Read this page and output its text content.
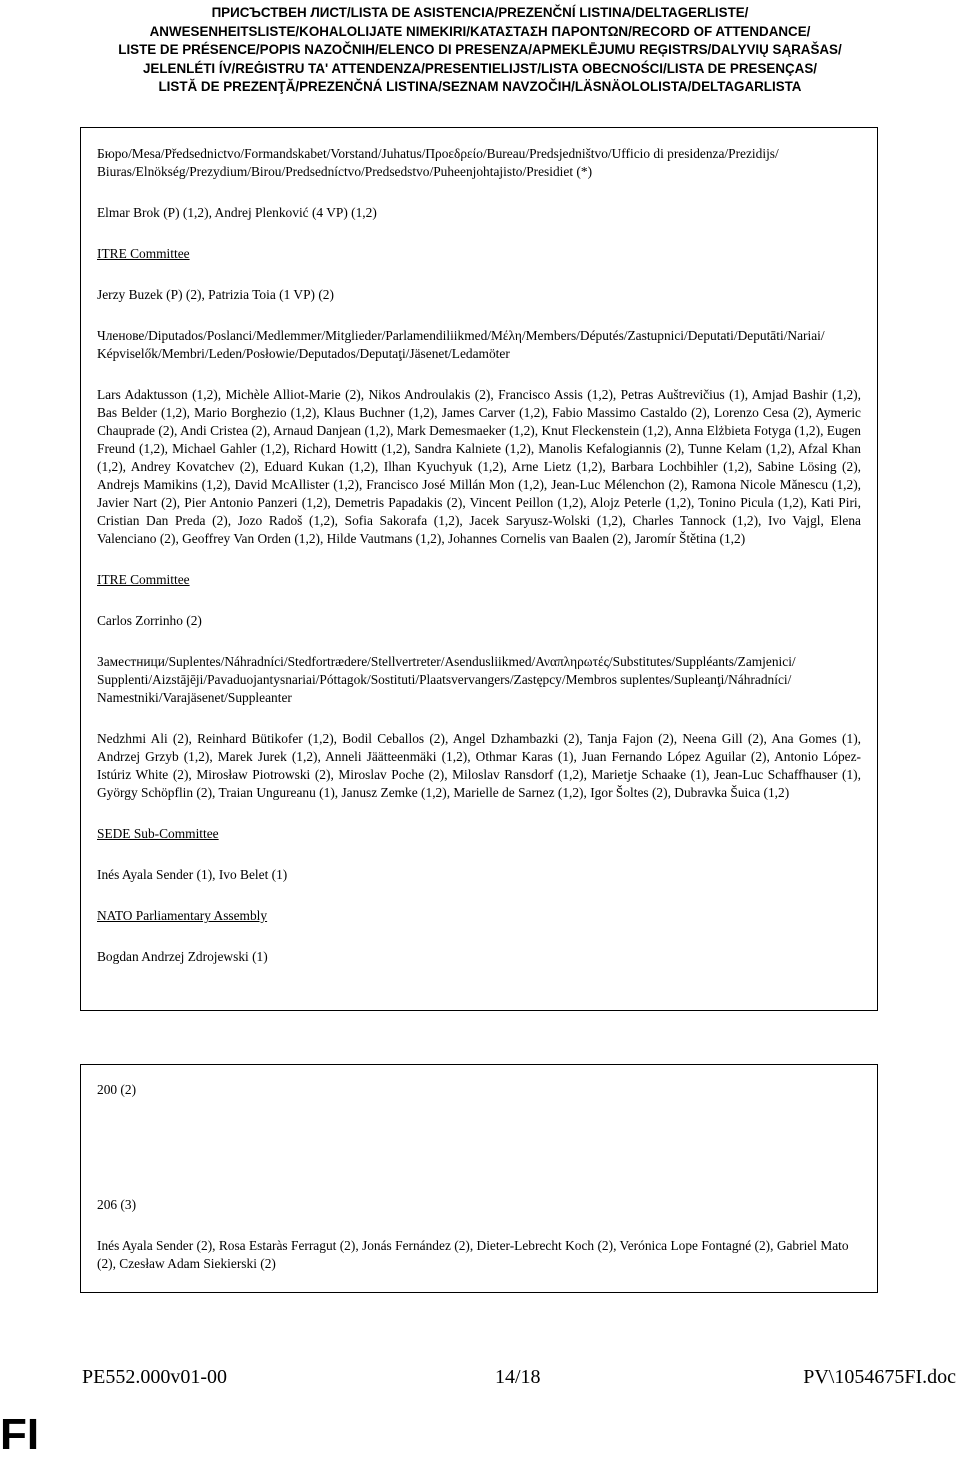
ПРИСЪСТВЕН ЛИСТ/LISTA DE ASISTENCIA/PREZENČNÍ LISTINA/DELTAGERLISTE/
ANWESENHEITSLISTE/KOHALOLIJATE NIMEKIRI/ΚΑΤΑΣΤΑΣΗ ΠΑΡΟΝΤΩΝ/RECORD OF ATTENDANCE/
LISTE DE PRÉSENCE/POPIS NAZOČNIH/ELENCO DI PRESENZA/APMEKLĒJUMU REĢISTRS/DALYVIŲ SĄRAŠAS/
JELENLÉTI ÍV/REĠISTRU TA' ATTENDENZA/PRESENTIELIJST/LISTA OBECNOŚCI/LISTA DE PRESENÇAS/
LISTĂ DE PREZENŢĂ/PREZENČNÁ LISTINA/SEZNAM NAVZOČIH/LÄSNÄOLOLISTA/DELTAGARLISTA

Бюро/Mesa/Předsednictvo/Formandskabet/Vorstand/Juhatus/Προεδρείο/Bureau/Predsjedništvo/Ufficio di presidenza/Prezidijs/
Biuras/Elnökség/Prezydium/Birou/Predsedníctvo/Predsedstvo/Puheenjohtajisto/Presidiet (*)

Elmar Brok (P) (1,2), Andrej Plenković (4 VP) (1,2)

ITRE Committee

Jerzy Buzek (P) (2), Patrizia Toia (1 VP) (2)

Членове/Diputados/Poslanci/Medlemmer/Mitglieder/Parlamendiliikmed/Μέλη/Members/Députés/Zastupnici/Deputati/Deputāti/Nariai/
Képviselők/Membri/Leden/Posłowie/Deputados/Deputaţi/Jäsenet/Ledamöter

Lars Adaktusson (1,2), Michèle Alliot-Marie (2), Nikos Androulakis (2), Francisco Assis (1,2), Petras Auštrevičius (1), Amjad Bashir (1,2), Bas Belder (1,2), Mario Borghezio (1,2), Klaus Buchner (1,2), James Carver (1,2), Fabio Massimo Castaldo (2), Lorenzo Cesa (2), Aymeric Chauprade (2), Andi Cristea (2), Arnaud Danjean (1,2), Mark Demesmaeker (1,2), Knut Fleckenstein (1,2), Anna Elżbieta Fotyga (1,2), Eugen Freund (1,2), Michael Gahler (1,2), Richard Howitt (1,2), Sandra Kalniete (1,2), Manolis Kefalogiannis (2), Tunne Kelam (1,2), Afzal Khan (1,2), Andrey Kovatchev (2), Eduard Kukan (1,2), Ilhan Kyuchyuk (1,2), Arne Lietz (1,2), Barbara Lochbihler (1,2), Sabine Lösing (2), Andrejs Mamikins (1,2), David McAllister (1,2), Francisco José Millán Mon (1,2), Jean-Luc Mélenchon (2), Ramona Nicole Mănescu (1,2), Javier Nart (2), Pier Antonio Panzeri (1,2), Demetris Papadakis (2), Vincent Peillon (1,2), Alojz Peterle (1,2), Tonino Picula (1,2), Kati Piri, Cristian Dan Preda (2), Jozo Radoš (1,2), Sofia Sakorafa (1,2), Jacek Saryusz-Wolski (1,2), Charles Tannock (1,2), Ivo Vajgl, Elena Valenciano (2), Geoffrey Van Orden (1,2), Hilde Vautmans (1,2), Johannes Cornelis van Baalen (2), Jaromír Štětina (1,2)

ITRE Committee

Carlos Zorrinho (2)

Заместници/Suplentes/Náhradníci/Stedfortrædere/Stellvertreter/Asendusliikmed/Αναπληρωτές/Substitutes/Suppléants/Zamjenici/
Supplenti/Aizstājēji/Pavaduojantysnariai/Póttagok/Sostituti/Plaatsvervangers/Zastępcy/Membros suplentes/Supleanţi/Náhradníci/
Namestniki/Varajäsenet/Suppleanter

Nedzhmi Ali (2), Reinhard Bütikofer (1,2), Bodil Ceballos (2), Angel Dzhambazki (2), Tanja Fajon (2), Neena Gill (2), Ana Gomes (1), Andrzej Grzyb (1,2), Marek Jurek (1,2), Anneli Jäätteenmäki (1,2), Othmar Karas (1), Juan Fernando López Aguilar (2), Antonio López-Istúriz White (2), Mirosław Piotrowski (2), Miroslav Poche (2), Miloslav Ransdorf (1,2), Marietje Schaake (1), Jean-Luc Schaffhauser (1), György Schöpflin (2), Traian Ungureanu (1), Janusz Zemke (1,2), Marielle de Sarnez (1,2), Igor Šoltes (2), Dubravka Šuica (1,2)

SEDE Sub-Committee

Inés Ayala Sender (1), Ivo Belet (1)

NATO Parliamentary Assembly

Bogdan Andrzej Zdrojewski (1)

200 (2)

206 (3)

Inés Ayala Sender (2), Rosa Estaràs Ferragut (2), Jonás Fernández (2), Dieter-Lebrecht Koch (2), Verónica Lope Fontagné (2), Gabriel Mato (2), Czesław Adam Siekierski (2)

PE552.000v01-00	14/18	PV\1054675FI.doc
FI
